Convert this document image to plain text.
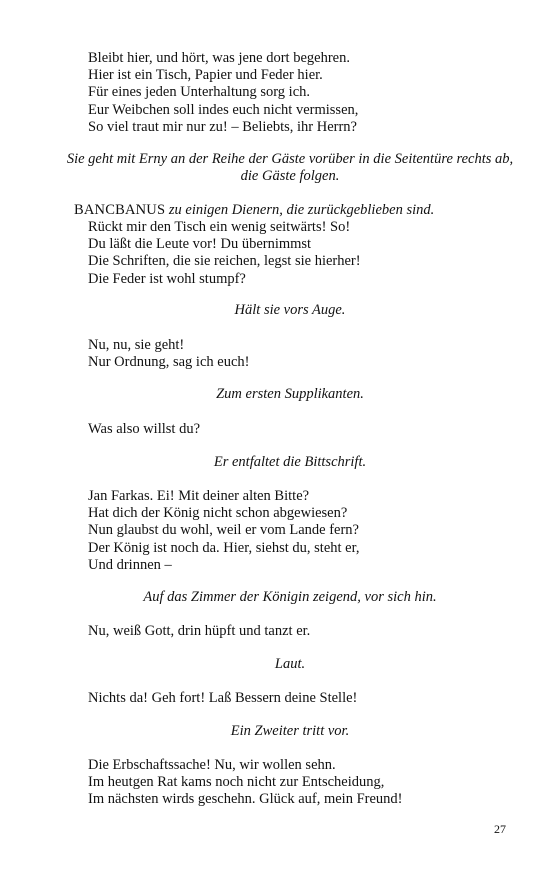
Bleibt hier, und hört, was jene dort begehren.
Hier ist ein Tisch, Papier und Feder hier.
Für eines jeden Unterhaltung sorg ich.
Eur Weibchen soll indes euch nicht vermissen,
So viel traut mir nur zu! – Beliebts, ihr Herrn?
Sie geht mit Erny an der Reihe der Gäste vorüber in die Seitentüre rechts ab, die Gäste folgen.
BANCBANUS zu einigen Dienern, die zurückgeblieben sind.
Rückt mir den Tisch ein wenig seitwärts! So!
Du läßt die Leute vor! Du übernimmst
Die Schriften, die sie reichen, legst sie hierher!
Die Feder ist wohl stumpf?
Hält sie vors Auge.
Nu, nu, sie geht!
Nur Ordnung, sag ich euch!
Zum ersten Supplikanten.
Was also willst du?
Er entfaltet die Bittschrift.
Jan Farkas. Ei! Mit deiner alten Bitte?
Hat dich der König nicht schon abgewiesen?
Nun glaubst du wohl, weil er vom Lande fern?
Der König ist noch da. Hier, siehst du, steht er,
Und drinnen –
Auf das Zimmer der Königin zeigend, vor sich hin.
Nu, weiß Gott, drin hüpft und tanzt er.
Laut.
Nichts da! Geh fort! Laß Bessern deine Stelle!
Ein Zweiter tritt vor.
Die Erbschaftssache! Nu, wir wollen sehn.
Im heutgen Rat kams noch nicht zur Entscheidung,
Im nächsten wirds geschehn. Glück auf, mein Freund!
27
